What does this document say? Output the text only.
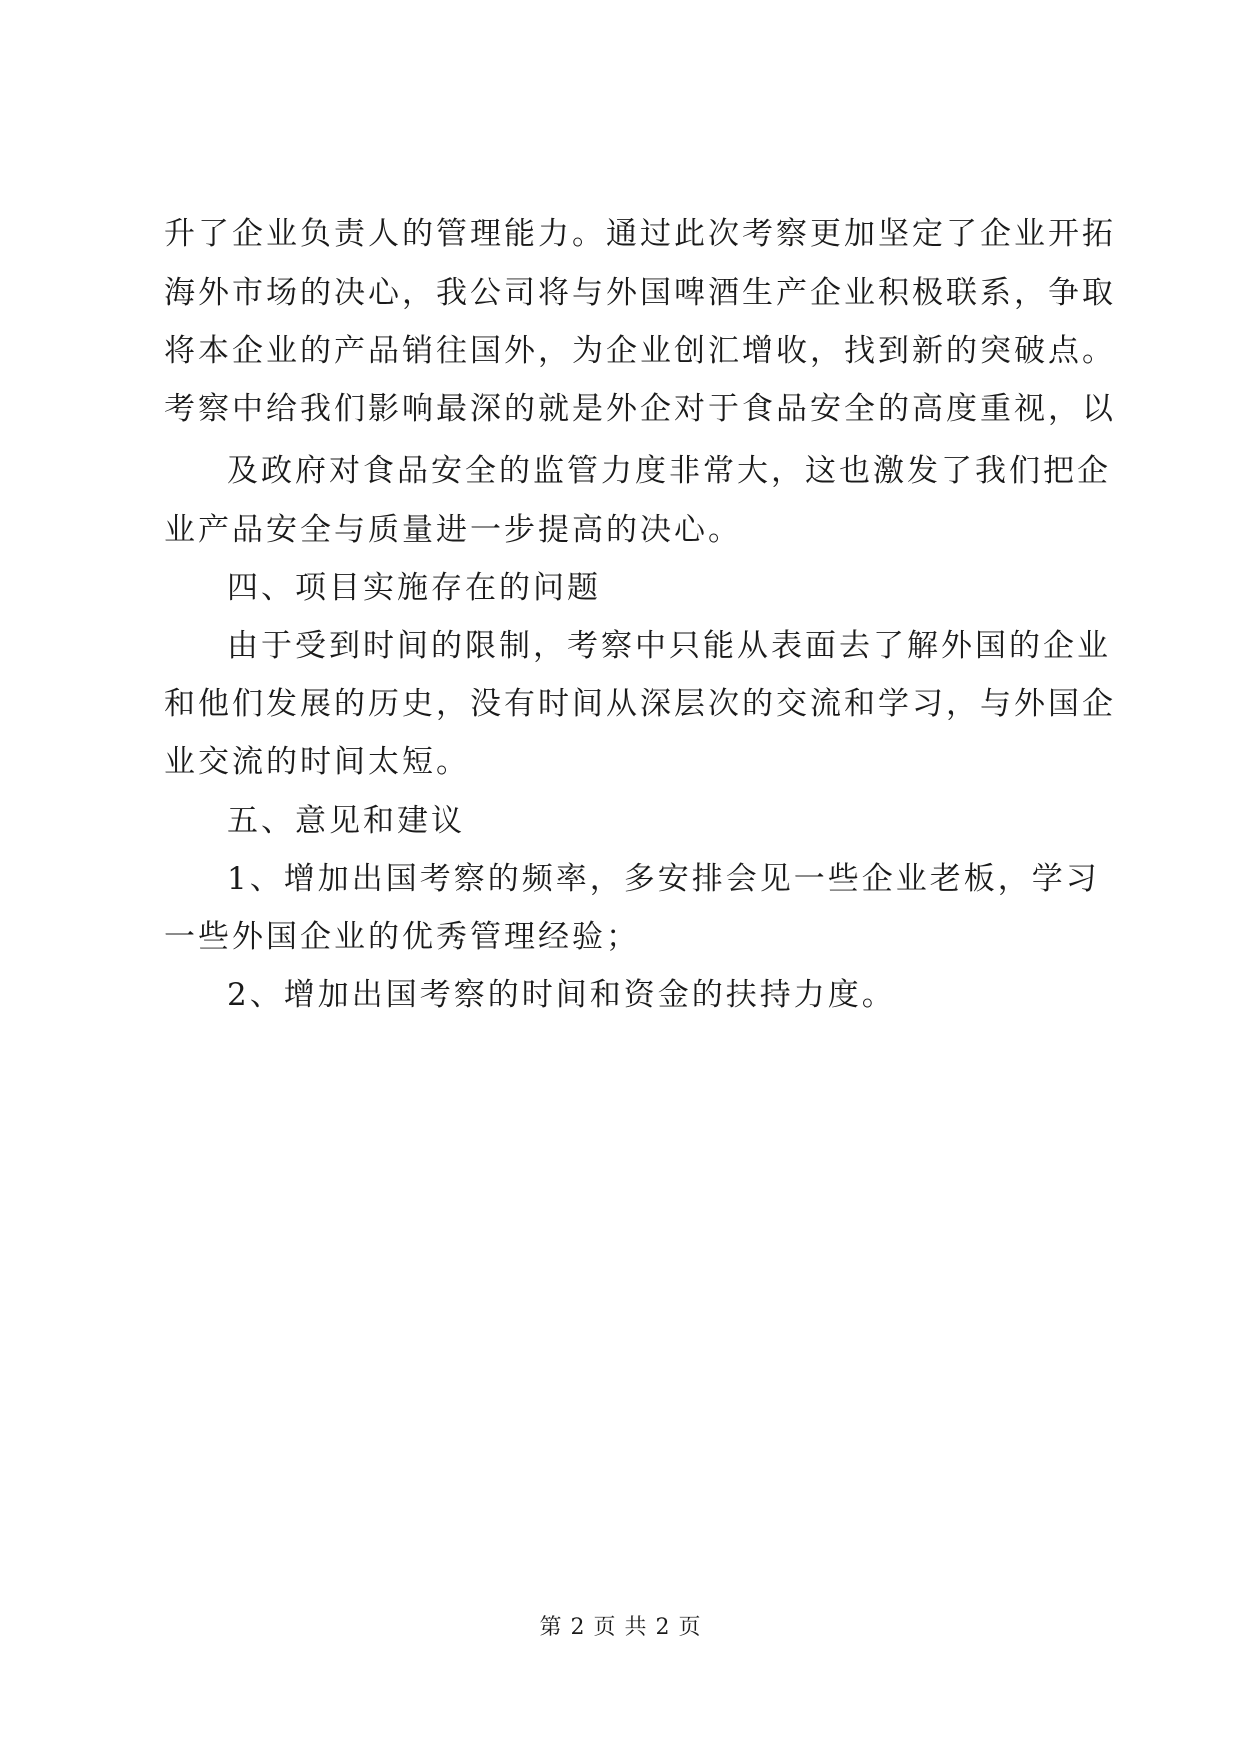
升了企业负责人的管理能力。通过此次考察更加坚定了企业开拓
海外市场的决心，我公司将与外国啤酒生产企业积极联系，争取
将本企业的产品销往国外，为企业创汇增收，找到新的突破点。
考察中给我们影响最深的就是外企对于食品安全的高度重视，以
及政府对食品安全的监管力度非常大，这也激发了我们把企
业产品安全与质量进一步提高的决心。
四、项目实施存在的问题
由于受到时间的限制，考察中只能从表面去了解外国的企业
和他们发展的历史，没有时间从深层次的交流和学习，与外国企
业交流的时间太短。
五、意见和建议
1、增加出国考察的频率，多安排会见一些企业老板，学习
一些外国企业的优秀管理经验；
2、增加出国考察的时间和资金的扶持力度。
第 2 页 共 2 页
